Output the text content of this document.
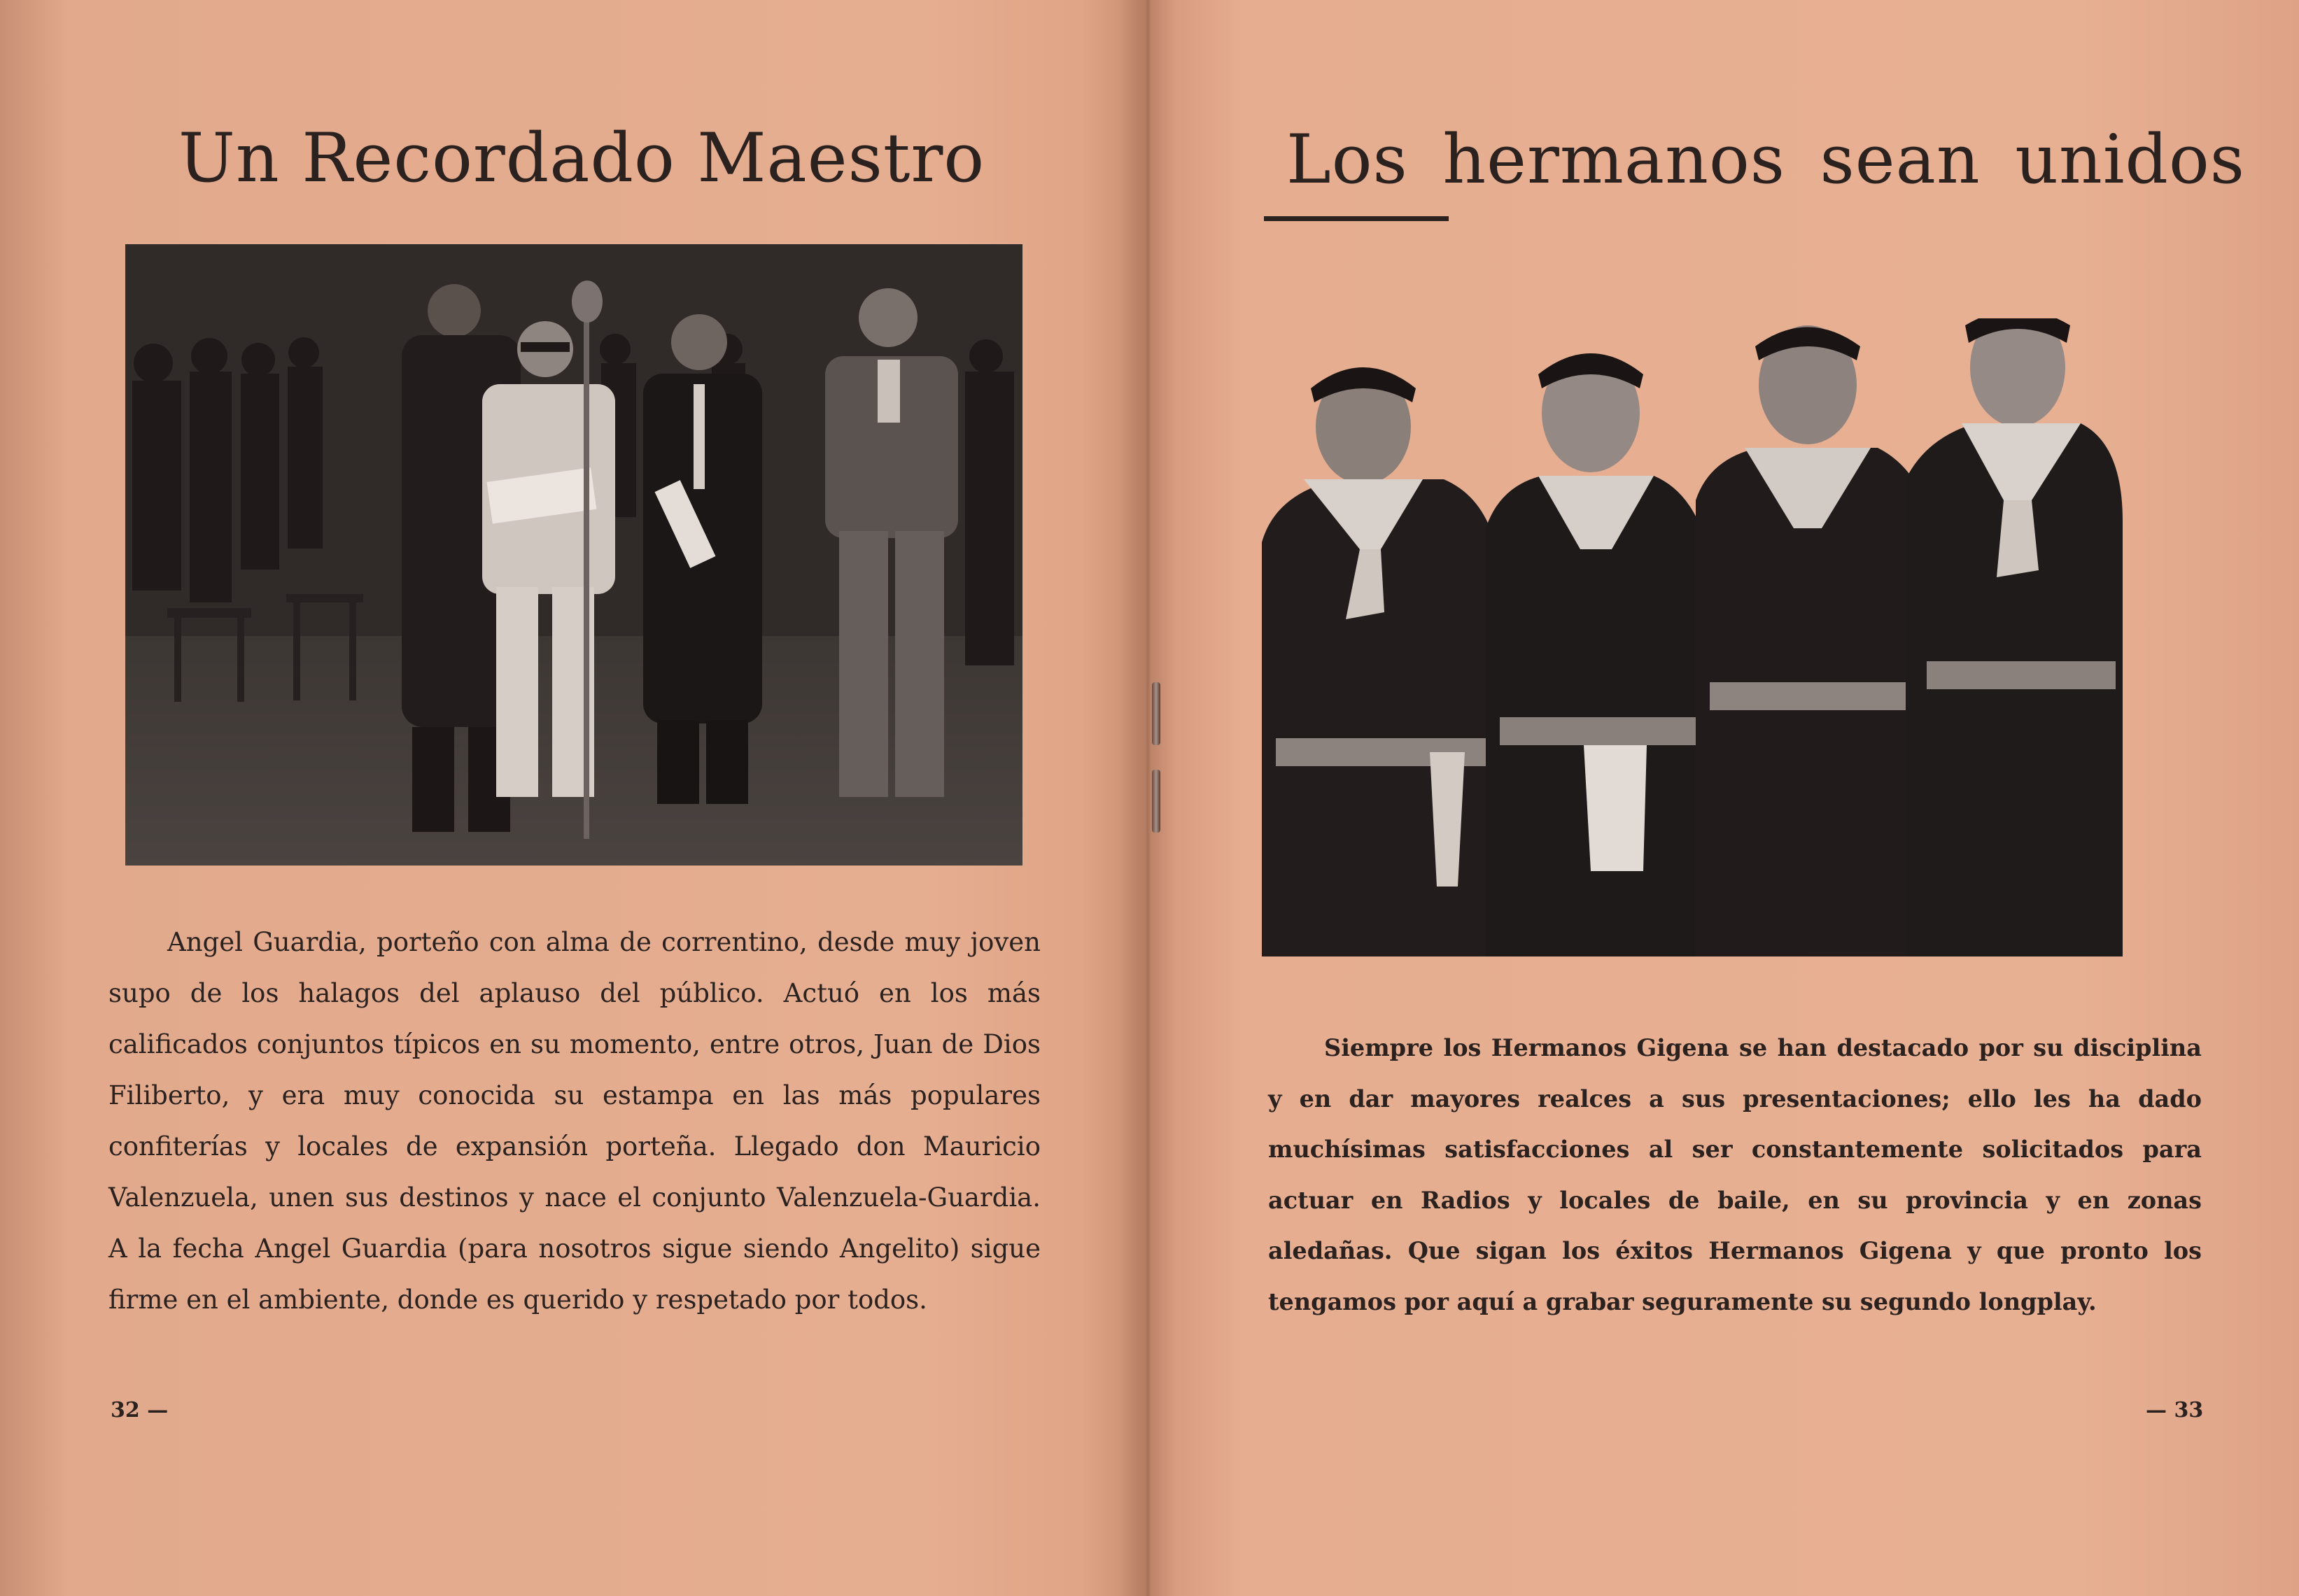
Un Recordado Maestro
Angel Guardia, porteño con alma de correntino, desde muy joven supo de los halagos del aplauso del público. Actuó en los más calificados conjuntos típicos en su momento, entre otros, Juan de Dios Filiberto, y era muy conocida su estampa en las más populares confiterías y locales de expansión porteña. Llegado don Mauricio Valenzuela, unen sus destinos y nace el conjunto Valenzuela-Guardia. A la fecha Angel Guardia (para nosotros sigue siendo Angelito) sigue firme en el ambiente, donde es querido y respetado por todos.
32 —
Los hermanos sean unidos
Siempre los Hermanos Gigena se han destacado por su disciplina y en dar mayores realces a sus presentaciones; ello les ha dado muchísimas satisfacciones al ser constantemente solicitados para actuar en Radios y locales de baile, en su provincia y en zonas aledañas. Que sigan los éxitos Hermanos Gigena y que pronto los tengamos por aquí a grabar seguramente su segundo longplay.
— 33
